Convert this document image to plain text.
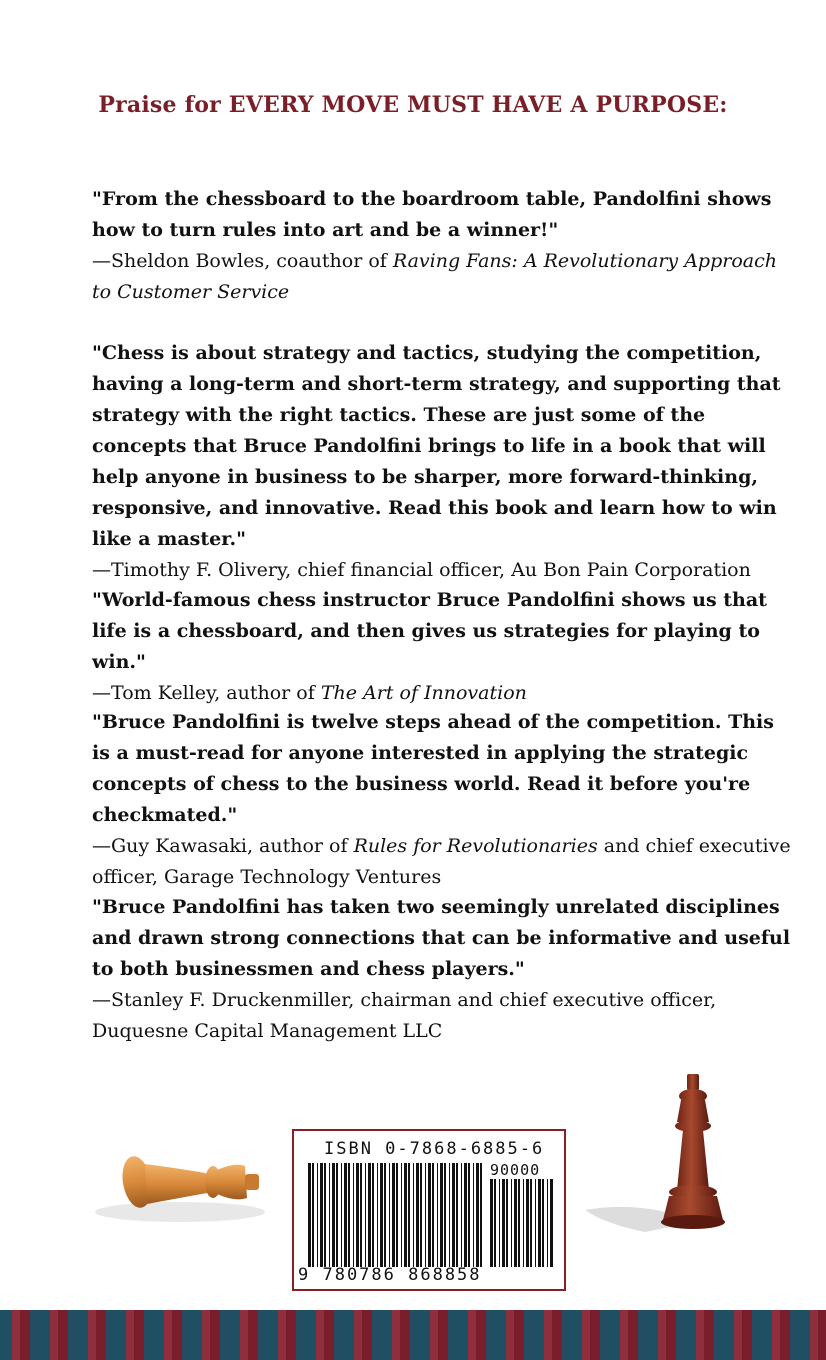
Praise for EVERY MOVE MUST HAVE A PURPOSE:

"From the chessboard to the boardroom table, Pandolfini shows how to turn rules into art and be a winner!"

—Sheldon Bowles, coauthor of Raving Fans: A Revolutionary Approach to Customer Service

"Chess is about strategy and tactics, studying the competition, having a long-term and short-term strategy, and supporting that strategy with the right tactics. These are just some of the concepts that Bruce Pandolfini brings to life in a book that will help anyone in business to be sharper, more forward-thinking, responsive, and innovative. Read this book and learn how to win like a master."

—Timothy F. Olivery, chief financial officer, Au Bon Pain Corporation

"World-famous chess instructor Bruce Pandolfini shows us that life is a chessboard, and then gives us strategies for playing to win."

—Tom Kelley, author of The Art of Innovation

"Bruce Pandolfini is twelve steps ahead of the competition. This is a must-read for anyone interested in applying the strategic concepts of chess to the business world. Read it before you're checkmated."

—Guy Kawasaki, author of Rules for Revolutionaries and chief executive officer, Garage Technology Ventures

"Bruce Pandolfini has taken two seemingly unrelated disciplines and drawn strong connections that can be informative and useful to both businessmen and chess players."

—Stanley F. Druckenmiller, chairman and chief executive officer, Duquesne Capital Management LLC

ISBN 0-7868-6885-6
90000
9 780786 868858
